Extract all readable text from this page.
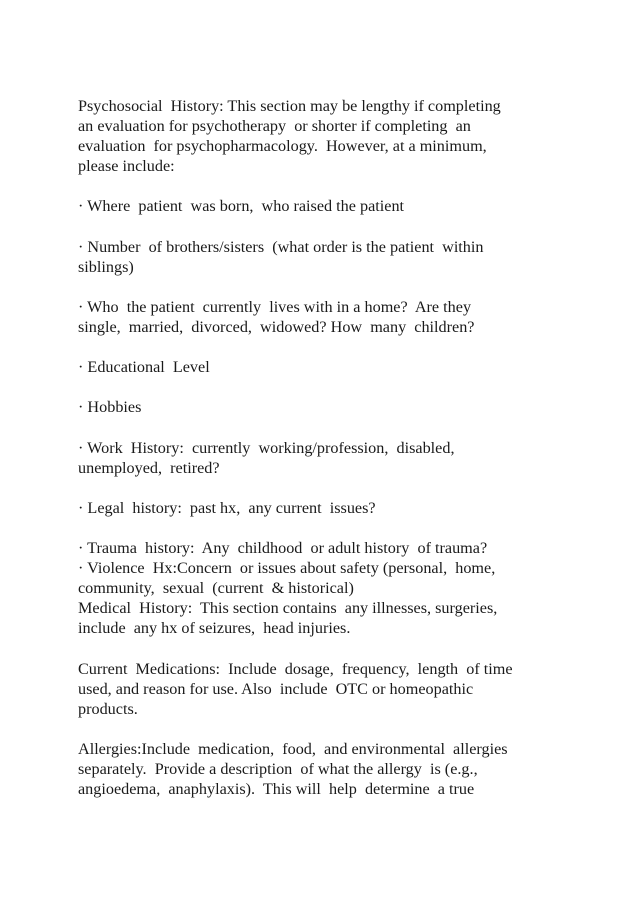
Psychosocial  History: This section may be lengthy if completing
an evaluation for psychotherapy  or shorter if completing  an
evaluation  for psychopharmacology.  However, at a minimum,
please include:
· Where  patient  was born,  who raised the patient
· Number  of brothers/sisters  (what order is the patient  within
siblings)
· Who  the patient  currently  lives with in a home?  Are they
single,  married,  divorced,  widowed? How  many  children?
· Educational  Level
· Hobbies
· Work  History:  currently  working/profession,  disabled,
unemployed,  retired?
· Legal  history:  past hx,  any current  issues?
· Trauma  history:  Any  childhood  or adult history  of trauma?
· Violence  Hx:Concern  or issues about safety (personal,  home,
community,  sexual  (current  & historical)
Medical  History:  This section contains  any illnesses, surgeries,
include  any hx of seizures,  head injuries.
Current  Medications:  Include  dosage,  frequency,  length  of time
used, and reason for use. Also  include  OTC or homeopathic
products.
Allergies:Include  medication,  food,  and environmental  allergies
separately.  Provide a description  of what the allergy  is (e.g.,
angioedema,  anaphylaxis).  This will  help  determine  a true
